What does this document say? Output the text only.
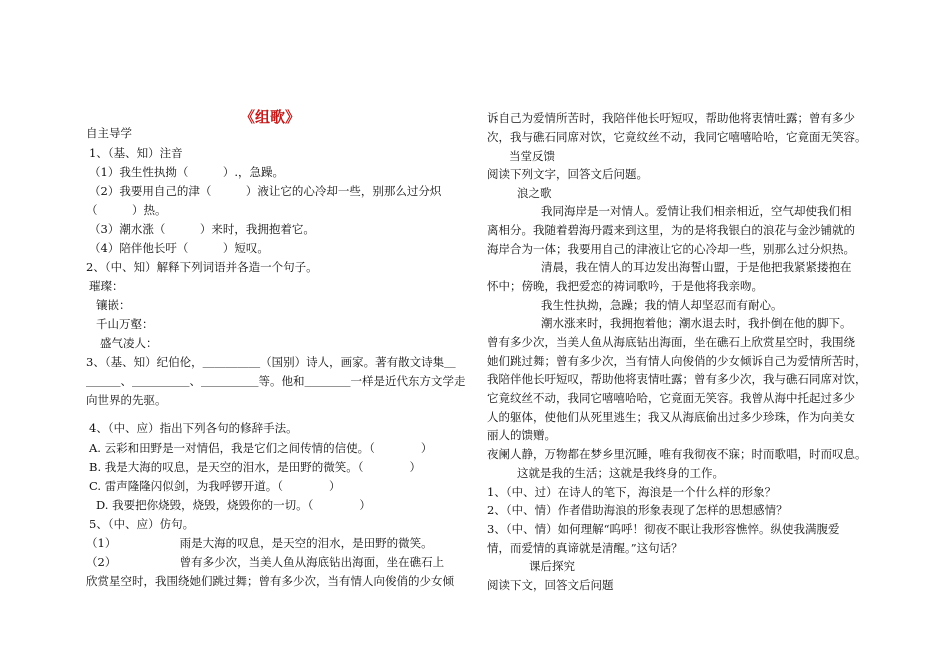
《组歌》
自主导学
1、（基、知）注音
（1）我生性执拗（　　　）.，急躁。
（2）我要用自己的津（　　　）液让它的心冷却一些，别那么过分炽
（　　　）热。
（3）潮水涨（　　　）来时，我拥抱着它。
（4）陪伴他长吁（　　　）短叹。
2、（中、知）解释下列词语并各造一个句子。
璀璨：
镶嵌：
千山万壑：
盛气凌人：
3、（基、知）纪伯伦，＿＿＿＿＿（国别）诗人，画家。著有散文诗集＿
＿＿＿、＿＿＿＿＿、＿＿＿＿＿等。他和＿＿＿＿一样是近代东方文学走
向世界的先驱。
4、（中、应）指出下列各句的修辞手法。
A. 云彩和田野是一对情侣，我是它们之间传情的信使。（　　　　）
B. 我是大海的叹息，是天空的泪水，是田野的微笑。（　　　　）
C. 雷声隆隆闪似剑，为我呼锣开道。（　　　　）
D. 我要把你烧毁，烧毁，烧毁你的一切。（　　　　）
5、（中、应）仿句。
（1）　　　　　　雨是大海的叹息，是天空的泪水，是田野的微笑。
（2）　　　　　　曾有多少次，当美人鱼从海底钻出海面，坐在礁石上
欣赏星空时，我围绕她们跳过舞；曾有多少次，当有情人向俊俏的少女倾
诉自己为爱情所苦时，我陪伴他长吁短叹，帮助他将衷情吐露；曾有多少
次，我与礁石同席对饮，它竟纹丝不动，我同它嘻嘻哈哈，它竟面无笑容。
当堂反馈
阅读下列文字，回答文后问题。
浪之歌
我同海岸是一对情人。爱情让我们相亲相近，空气却使我们相
离相分。我随着碧海丹霞来到这里，为的是将我银白的浪花与金沙铺就的
海岸合为一体；我要用自己的津液让它的心冷却一些，别那么过分炽热。
清晨，我在情人的耳边发出海誓山盟，于是他把我紧紧搂抱在
怀中；傍晚，我把爱恋的祷词歌吟，于是他将我亲吻。
我生性执拗，急躁；我的情人却坚忍而有耐心。
潮水涨来时，我拥抱着他；潮水退去时，我扑倒在他的脚下。
曾有多少次，当美人鱼从海底钻出海面，坐在礁石上欣赏星空时，我围绕
她们跳过舞；曾有多少次，当有情人向俊俏的少女倾诉自己为爱情所苦时，
我陪伴他长吁短叹，帮助他将衷情吐露；曾有多少次，我与礁石同席对饮，
它竟纹丝不动，我同它嘻嘻哈哈，它竟面无笑容。我曾从海中托起过多少
人的躯体，使他们从死里逃生；我又从海底偷出过多少珍珠，作为向美女
丽人的馈赠。
夜阑人静，万物都在梦乡里沉睡，唯有我彻夜不寐；时而歌唱，时而叹息。
这就是我的生活；这就是我终身的工作。
1、（中、过）在诗人的笔下，海浪是一个什么样的形象？
2、（中、情）作者借助海浪的形象表现了怎样的思想感情？
3、（中、情）如何理解“呜呼！彻夜不眠让我形容憔悴。纵使我满腹爱
情，而爱情的真谛就是清醒。”这句话？
课后探究
阅读下文，回答文后问题
